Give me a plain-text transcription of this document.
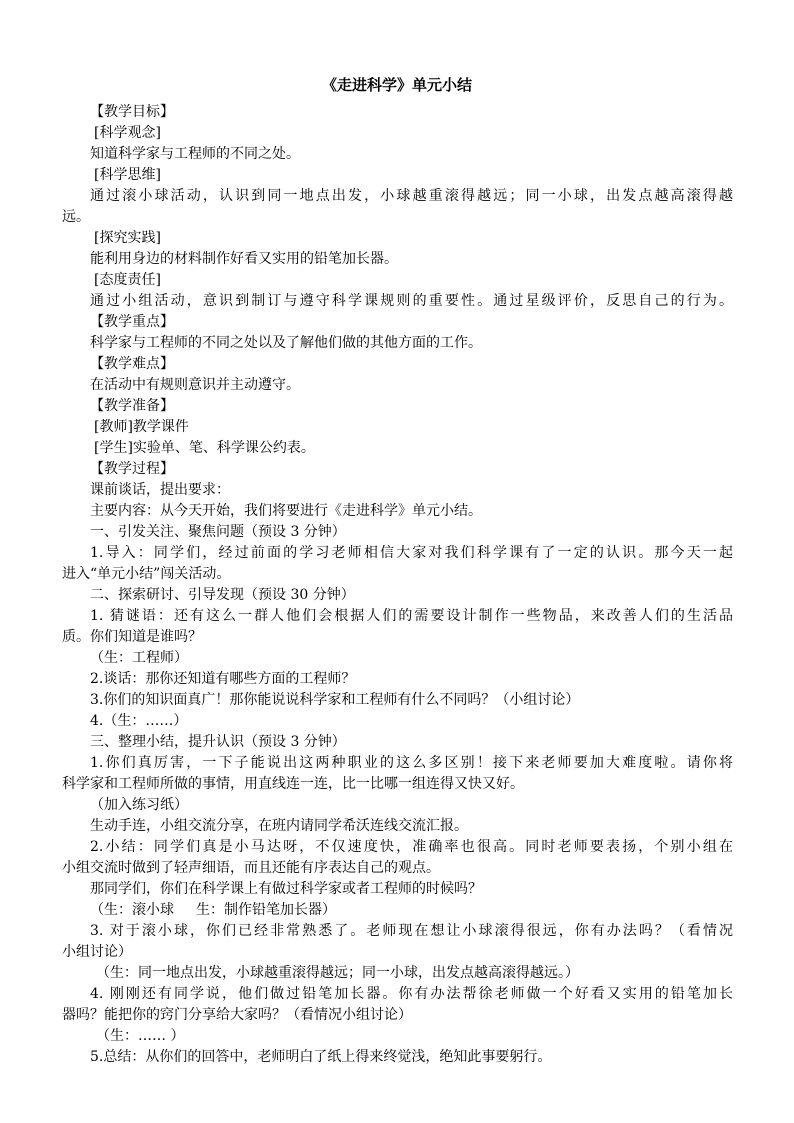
《走进科学》单元小结
【教学目标】
[科学观念]
知道科学家与工程师的不同之处。
[科学思维]
通过滚小球活动，认识到同一地点出发，小球越重滚得越远；同一小球，出发点越高滚得越
远。
[探究实践]
能利用身边的材料制作好看又实用的铅笔加长器。
[态度责任]
通过小组活动，意识到制订与遵守科学课规则的重要性。通过星级评价，反思自己的行为。
【教学重点】
科学家与工程师的不同之处以及了解他们做的其他方面的工作。
【教学难点】
在活动中有规则意识并主动遵守。
【教学准备】
[教师]教学课件
[学生]实验单、笔、科学课公约表。
【教学过程】
课前谈话，提出要求：
主要内容：从今天开始，我们将要进行《走进科学》单元小结。
一、引发关注、聚焦问题（预设 3 分钟）
1.导入：同学们，经过前面的学习老师相信大家对我们科学课有了一定的认识。那今天一起
进入“单元小结”闯关活动。
二、探索研讨、引导发现（预设 30 分钟）
1. 猜谜语：还有这么一群人他们会根据人们的需要设计制作一些物品，来改善人们的生活品
质。你们知道是谁吗？
（生：工程师）
2.谈话：那你还知道有哪些方面的工程师？
3.你们的知识面真广！那你能说说科学家和工程师有什么不同吗？（小组讨论）
4.（生：……）
三、整理小结，提升认识（预设 3 分钟）
1.你们真厉害，一下子能说出这两种职业的这么多区别！接下来老师要加大难度啦。请你将
科学家和工程师所做的事情，用直线连一连，比一比哪一组连得又快又好。
（加入练习纸）
生动手连，小组交流分享，在班内请同学希沃连线交流汇报。
2.小结：同学们真是小马达呀，不仅速度快，准确率也很高。同时老师要表扬，个别小组在
小组交流时做到了轻声细语，而且还能有序表达自己的观点。
那同学们，你们在科学课上有做过科学家或者工程师的时候吗？
（生：滚小球 生：制作铅笔加长器）
3. 对于滚小球，你们已经非常熟悉了。老师现在想让小球滚得很远，你有办法吗？（看情况
小组讨论）
（生：同一地点出发，小球越重滚得越远；同一小球，出发点越高滚得越远。）
4. 刚刚还有同学说，他们做过铅笔加长器。你有办法帮徐老师做一个好看又实用的铅笔加长
器吗？能把你的窍门分享给大家吗？（看情况小组讨论）
（生：…… ）
5.总结：从你们的回答中，老师明白了纸上得来终觉浅，绝知此事要躬行。
